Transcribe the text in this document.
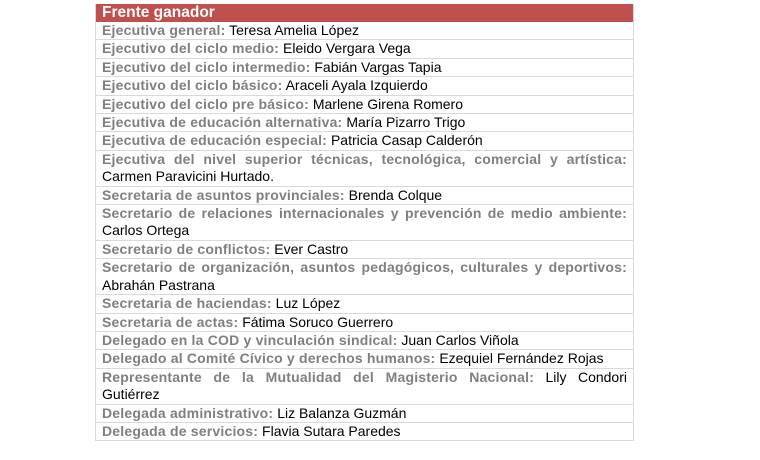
Frente ganador
Ejecutiva general: Teresa Amelia López
Ejecutivo del ciclo medio: Eleido Vergara Vega
Ejecutivo del ciclo intermedio: Fabián Vargas Tapia
Ejecutivo del ciclo básico: Araceli Ayala Izquierdo
Ejecutivo del ciclo pre básico: Marlene Girena Romero
Ejecutiva de educación alternativa: María Pizarro Trigo
Ejecutiva de educación especial: Patricia Casap Calderón
Ejecutiva del nivel superior técnicas, tecnológica, comercial y artística: Carmen Paravicini Hurtado.
Secretaria de asuntos provinciales: Brenda Colque
Secretario de relaciones internacionales y prevención de medio ambiente: Carlos Ortega
Secretario de conflictos: Ever Castro
Secretario de organización, asuntos pedagógicos, culturales y deportivos: Abrahán Pastrana
Secretaria de haciendas: Luz López
Secretaria de actas: Fátima Soruco Guerrero
Delegado en la COD y vinculación sindical: Juan Carlos Viñola
Delegado al Comité Cívico y derechos humanos: Ezequiel Fernández Rojas
Representante de la Mutualidad del Magisterio Nacional: Lily Condori Gutiérrez
Delegada administrativo: Liz Balanza Guzmán
Delegada de servicios: Flavia Sutara Paredes
